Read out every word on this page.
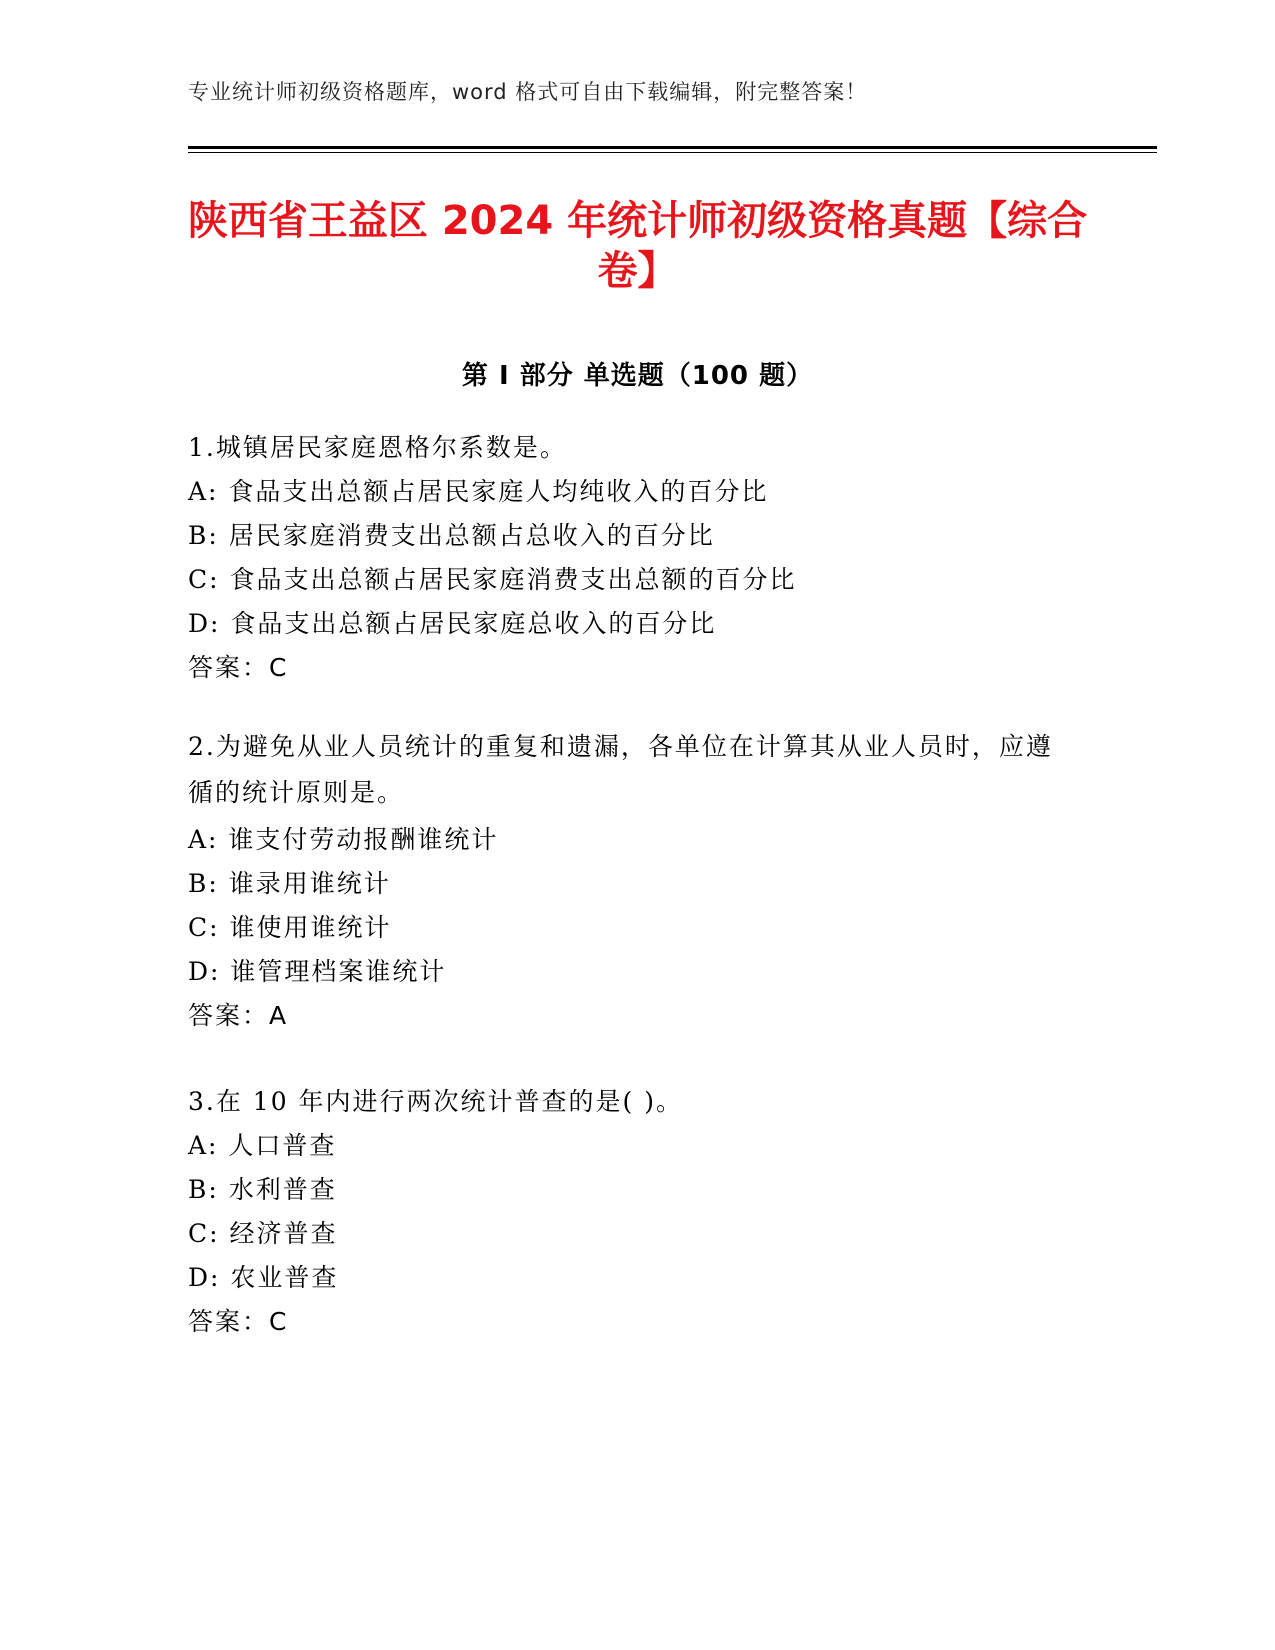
专业统计师初级资格题库，word 格式可自由下载编辑，附完整答案！
陕西省王益区 2024 年统计师初级资格真题【综合卷】
第 I 部分 单选题（100 题）
1.城镇居民家庭恩格尔系数是。
A: 食品支出总额占居民家庭人均纯收入的百分比
B: 居民家庭消费支出总额占总收入的百分比
C: 食品支出总额占居民家庭消费支出总额的百分比
D: 食品支出总额占居民家庭总收入的百分比
答案：C
2.为避免从业人员统计的重复和遗漏，各单位在计算其从业人员时，应遵循的统计原则是。
A: 谁支付劳动报酬谁统计
B: 谁录用谁统计
C: 谁使用谁统计
D: 谁管理档案谁统计
答案：A
3.在 10 年内进行两次统计普查的是( )。
A: 人口普查
B: 水利普查
C: 经济普查
D: 农业普查
答案：C
